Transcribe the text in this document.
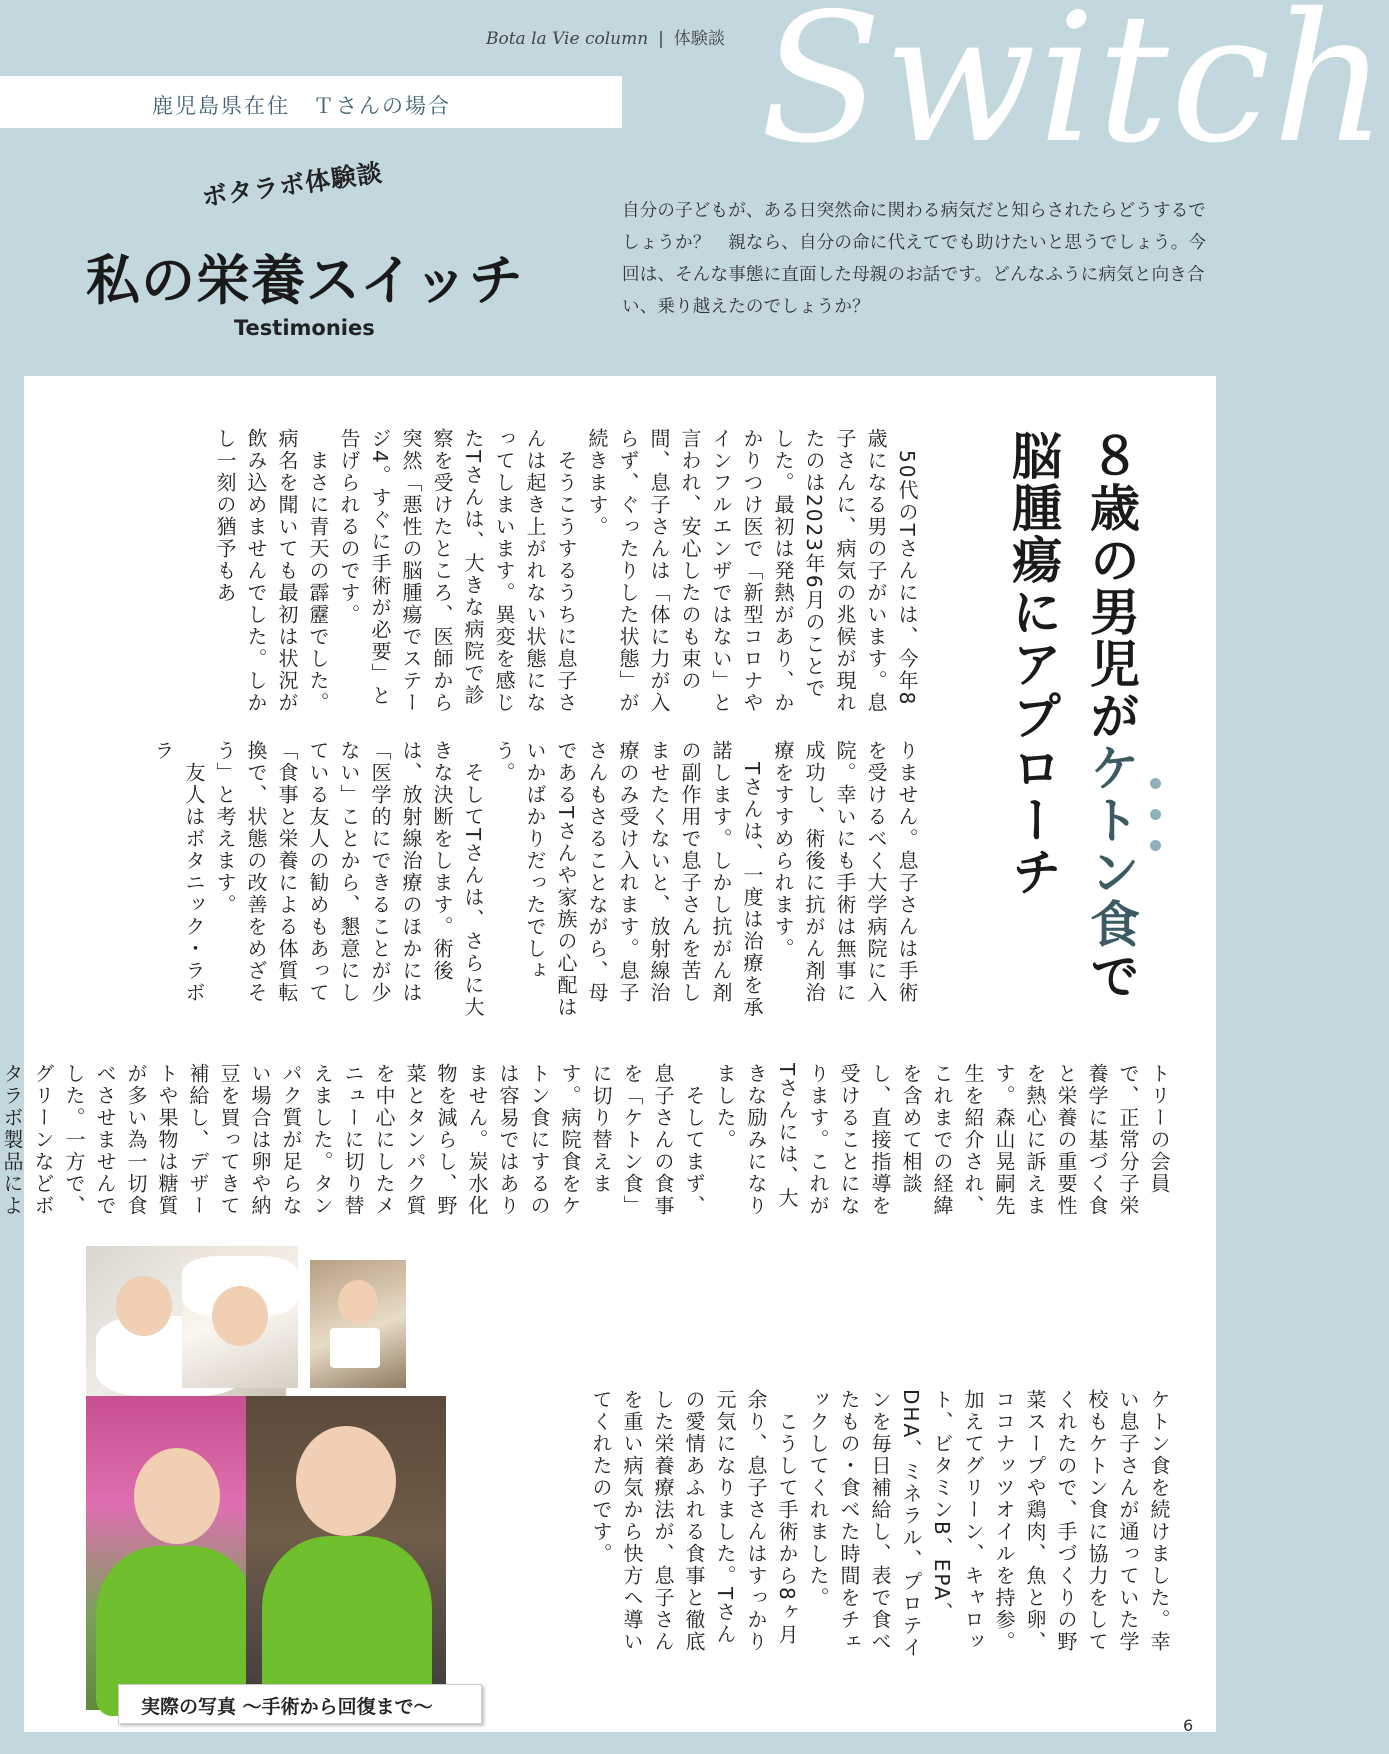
Switch
Bota la Vie column | 体験談
鹿児島県在住　Ｔさんの場合
ボタラボ体験談
私の栄養スイッチ
Testimonies

自分の子どもが、ある日突然命に関わる病気だと知らされたらどうするでしょうか？　親なら、自分の命に代えてでも助けたいと思うでしょう。今回は、そんな事態に直面した母親のお話です。どんなふうに病気と向き合い、乗り越えたのでしょうか？

８歳の男児がケトン食で
脳腫瘍にアプローチ
　50代のTさんには、今年8歳になる男の子がいます。息子さんに、病気の兆候が現れたのは2023年6月のことでした。最初は発熱があり、かかりつけ医で「新型コロナやインフルエンザではない」と言われ、安心したのも束の間、息子さんは「体に力が入らず、ぐったりした状態」が続きます。
　そうこうするうちに息子さんは起き上がれない状態になってしまいます。異変を感じたTさんは、大きな病院で診察を受けたところ、医師から突然「悪性の脳腫瘍でステージ4。すぐに手術が必要」と告げられるのです。
　まさに青天の霹靂でした。病名を聞いても最初は状況が飲み込めませんでした。しかし一刻の猶予もあ
りません。息子さんは手術を受けるべく大学病院に入院。幸いにも手術は無事に成功し、術後に抗がん剤治療をすすめられます。
　Tさんは、一度は治療を承諾します。しかし抗がん剤の副作用で息子さんを苦しませたくないと、放射線治療のみ受け入れます。息子さんもさることながら、母であるTさんや家族の心配はいかばかりだったでしょう。
　そしてTさんは、さらに大きな決断をします。術後は、放射線治療のほかには「医学的にできることが少ない」ことから、懇意にしている友人の勧めもあって「食事と栄養による体質転換で、状態の改善をめざそう」と考えます。
　友人はボタニック・ラボラ
トリーの会員で、正常分子栄養学に基づく食と栄養の重要性を熱心に訴えます。森山晃嗣先生を紹介され、これまでの経緯を含めて相談し、直接指導を受けることになります。これがTさんには、大きな励みになりました。
　そしてまず、息子さんの食事を「ケトン食」に切り替えます。病院食をケトン食にするのは容易ではありません。炭水化物を減らし、野菜とタンパク質を中心にしたメニューに切り替えました。タンパク質が足らない場合は卵や納豆を買ってきて補給し、デザートや果物は糖質が多い為一切食べさせませんでした。一方で、グリーンなどボタラボ製品によ

ケトン食を続けました。幸い息子さんが通っていた学校もケトン食に協力をしてくれたので、手づくりの野菜スープや鶏肉、魚と卵、ココナッツオイルを持参。加えてグリーン、キャロット、ビタミンB、EPA、DHA、ミネラル、プロテインを毎日補給し、表で食べたもの・食べた時間をチェックしてくれました。
　こうして手術から8ヶ月余り、息子さんはすっかり元気になりました。Tさんの愛情あふれる食事と徹底した栄養療法が、息子さんを重い病気から快方へ導いてくれたのです。
実際の写真 ～手術から回復まで～
6
